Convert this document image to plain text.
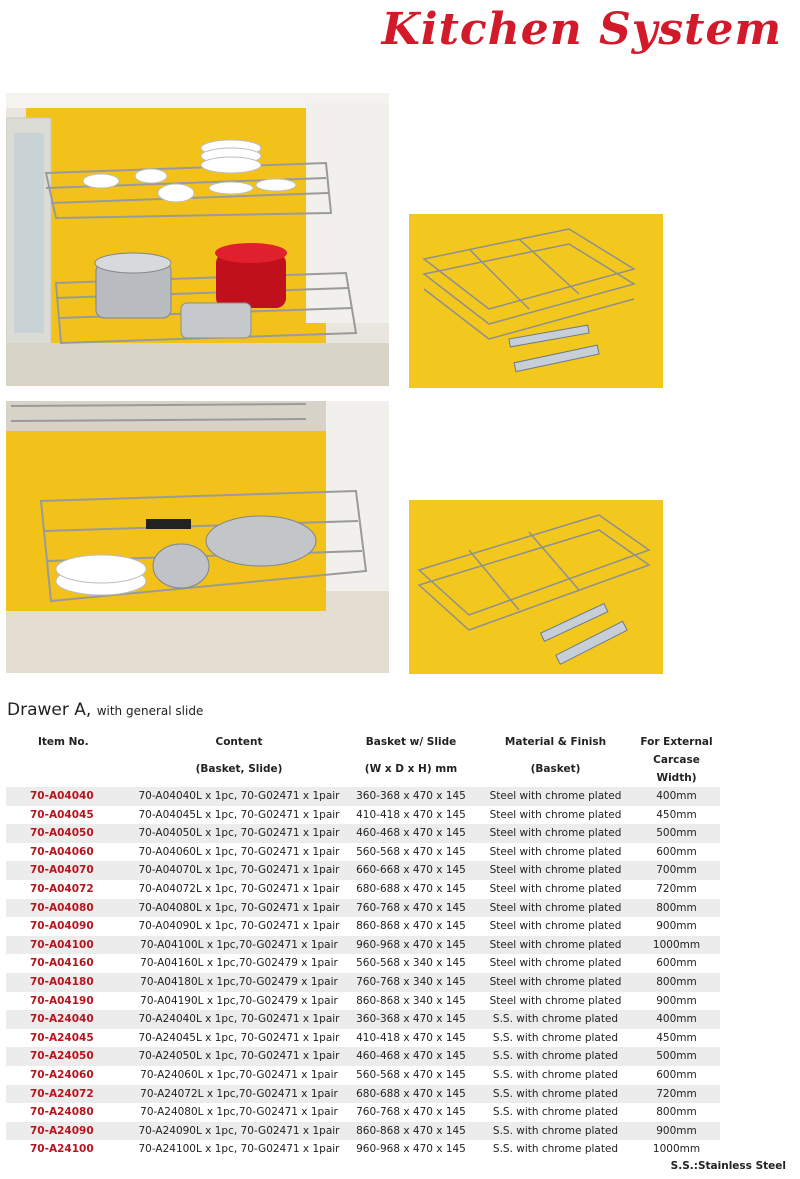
Kitchen System
Drawer A, with general slide
Item No.	Content	Basket w/ Slide	Material & Finish	For External
	(Basket, Slide)	(W x D x H) mm	(Basket)	Carcase Width)
70-A04040	70-A04040L x 1pc, 70-G02471 x 1pair	360-368 x 470 x 145	Steel with chrome plated	400mm
70-A04045	70-A04045L x 1pc, 70-G02471 x 1pair	410-418 x 470 x 145	Steel with chrome plated	450mm
70-A04050	70-A04050L x 1pc, 70-G02471 x 1pair	460-468 x 470 x 145	Steel with chrome plated	500mm
70-A04060	70-A04060L x 1pc, 70-G02471 x 1pair	560-568 x 470 x 145	Steel with chrome plated	600mm
70-A04070	70-A04070L x 1pc, 70-G02471 x 1pair	660-668 x 470 x 145	Steel with chrome plated	700mm
70-A04072	70-A04072L x 1pc, 70-G02471 x 1pair	680-688 x 470 x 145	Steel with chrome plated	720mm
70-A04080	70-A04080L x 1pc, 70-G02471 x 1pair	760-768 x 470 x 145	Steel with chrome plated	800mm
70-A04090	70-A04090L x 1pc, 70-G02471 x 1pair	860-868 x 470 x 145	Steel with chrome plated	900mm
70-A04100	70-A04100L x 1pc,70-G02471 x 1pair	960-968 x 470 x 145	Steel with chrome plated	1000mm
70-A04160	70-A04160L x 1pc,70-G02479 x 1pair	560-568 x 340 x 145	Steel with chrome plated	600mm
70-A04180	70-A04180L x 1pc,70-G02479 x 1pair	760-768 x 340 x 145	Steel with chrome plated	800mm
70-A04190	70-A04190L x 1pc,70-G02479 x 1pair	860-868 x 340 x 145	Steel with chrome plated	900mm
70-A24040	70-A24040L x 1pc, 70-G02471 x 1pair	360-368 x 470 x 145	S.S. with chrome plated	400mm
70-A24045	70-A24045L x 1pc, 70-G02471 x 1pair	410-418 x 470 x 145	S.S. with chrome plated	450mm
70-A24050	70-A24050L x 1pc, 70-G02471 x 1pair	460-468 x 470 x 145	S.S. with chrome plated	500mm
70-A24060	70-A24060L x 1pc,70-G02471 x 1pair	560-568 x 470 x 145	S.S. with chrome plated	600mm
70-A24072	70-A24072L x 1pc,70-G02471 x 1pair	680-688 x 470 x 145	S.S. with chrome plated	720mm
70-A24080	70-A24080L x 1pc,70-G02471 x 1pair	760-768 x 470 x 145	S.S. with chrome plated	800mm
70-A24090	70-A24090L x 1pc, 70-G02471 x 1pair	860-868 x 470 x 145	S.S. with chrome plated	900mm
70-A24100	70-A24100L x 1pc, 70-G02471 x 1pair	960-968 x 470 x 145	S.S. with chrome plated	1000mm
S.S.:Stainless Steel
